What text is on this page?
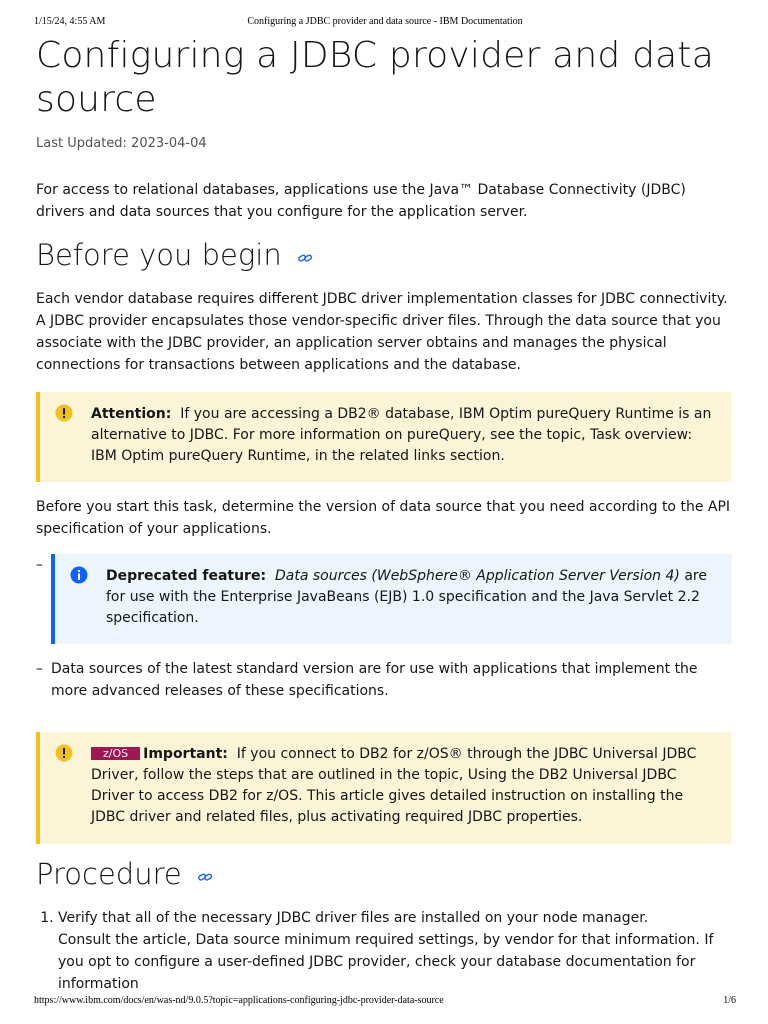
1/15/24, 4:55 AM	Configuring a JDBC provider and data source - IBM Documentation
Configuring a JDBC provider and data source
Last Updated: 2023-04-04

For access to relational databases, applications use the Java™ Database Connectivity (JDBC) drivers and data sources that you configure for the application server.

Before you begin

Each vendor database requires different JDBC driver implementation classes for JDBC connectivity. A JDBC provider encapsulates those vendor-specific driver files. Through the data source that you associate with the JDBC provider, an application server obtains and manages the physical connections for transactions between applications and the database.

Attention: If you are accessing a DB2® database, IBM Optim pureQuery Runtime is an alternative to JDBC. For more information on pureQuery, see the topic, Task overview: IBM Optim pureQuery Runtime, in the related links section.

Before you start this task, determine the version of data source that you need according to the API specification of your applications.

–
Deprecated feature: Data sources (WebSphere® Application Server Version 4) are for use with the Enterprise JavaBeans (EJB) 1.0 specification and the Java Servlet 2.2 specification.
– Data sources of the latest standard version are for use with applications that implement the more advanced releases of these specifications.

z/OS Important: If you connect to DB2 for z/OS® through the JDBC Universal JDBC Driver, follow the steps that are outlined in the topic, Using the DB2 Universal JDBC Driver to access DB2 for z/OS. This article gives detailed instruction on installing the JDBC driver and related files, plus activating required JDBC properties.
Procedure
1. Verify that all of the necessary JDBC driver files are installed on your node manager.
Consult the article, Data source minimum required settings, by vendor for that information. If you opt to configure a user-defined JDBC provider, check your database documentation for information
https://www.ibm.com/docs/en/was-nd/9.0.5?topic=applications-configuring-jdbc-provider-data-source	1/6
